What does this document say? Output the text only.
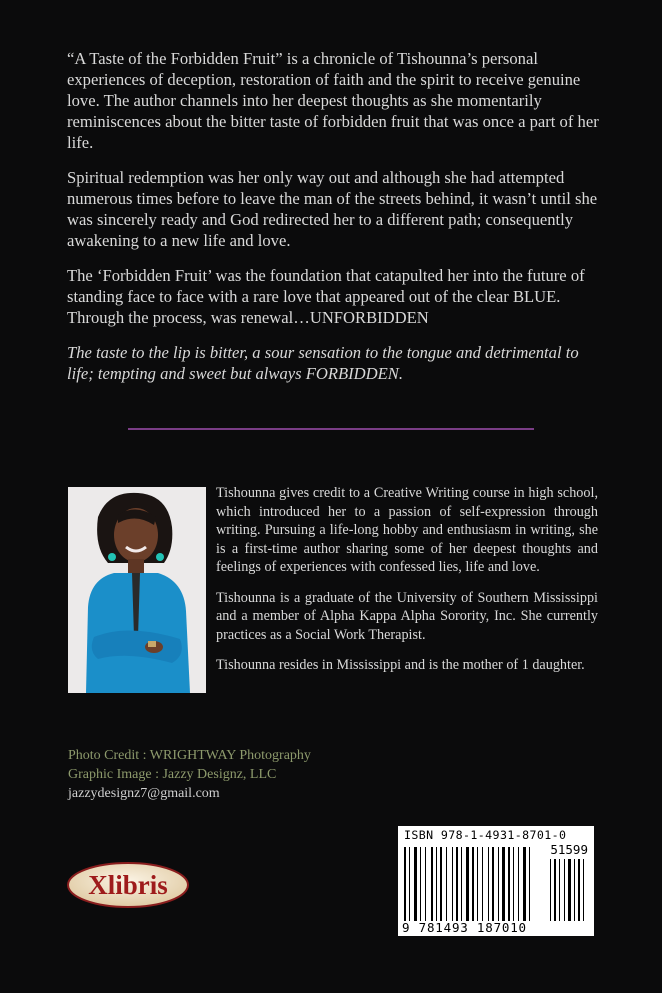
“A Taste of the Forbidden Fruit” is a chronicle of Tishounna’s personal experiences of deception, restoration of faith and the spirit to receive genuine love. The author channels into her deepest thoughts as she momentarily reminiscences about the bitter taste of forbidden fruit that was once a part of her life.

Spiritual redemption was her only way out and although she had attempted numerous times before to leave the man of the streets behind, it wasn’t until she was sincerely ready and God redirected her to a different path; consequently awakening to a new life and love.

The ‘Forbidden Fruit’ was the foundation that catapulted her into the future of standing face to face with a rare love that appeared out of the clear BLUE. Through the process, was renewal…UNFORBIDDEN

The taste to the lip is bitter, a sour sensation to the tongue and detrimental to life; tempting and sweet but always FORBIDDEN.

Tishounna gives credit to a Creative Writing course in high school, which introduced her to a passion of self-expression through writing. Pursuing a life-long hobby and enthusiasm in writing, she is a first-time author sharing some of her deepest thoughts and feelings of experiences with confessed lies, life and love.

Tishounna is a graduate of the University of Southern Mississippi and a member of Alpha Kappa Alpha Sorority, Inc. She currently practices as a Social Work Therapist.

Tishounna resides in Mississippi and is the mother of 1 daughter.

Photo Credit : WRIGHTWAY Photography
Graphic Image : Jazzy Designz, LLC
jazzydesignz7@gmail.com
Xlibris
ISBN 978-1-4931-8701-0
51599
9 781493 187010
